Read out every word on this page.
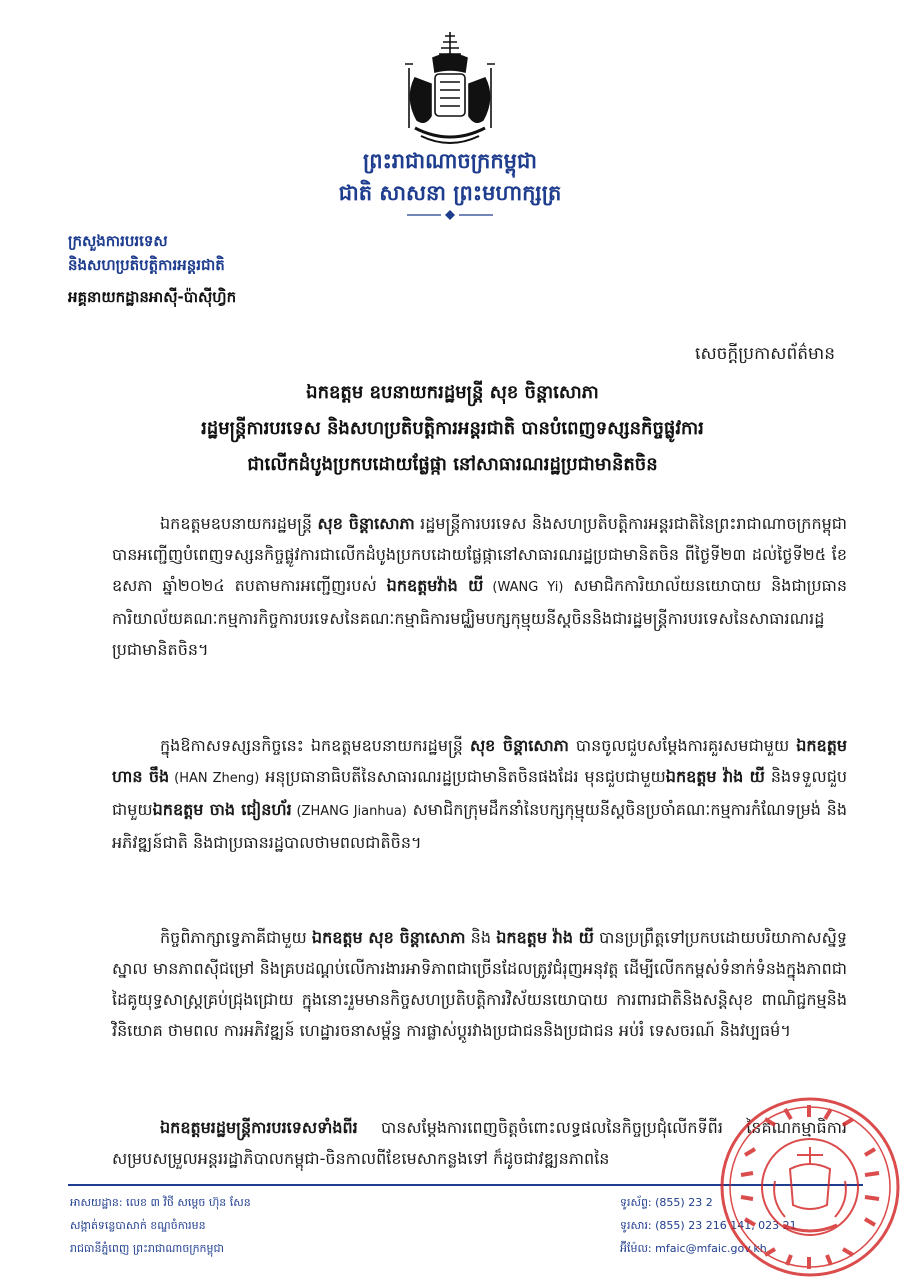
ព្រះរាជាណាចក្រកម្ពុជា
ជាតិ សាសនា ព្រះមហាក្សត្រ
ក្រសួងការបរទេស
និងសហប្រតិបត្តិការអន្តរជាតិ
អគ្គនាយកដ្ឋានអាស៊ី-ប៉ាស៊ីហ្វិក
សេចក្តីប្រកាសព័ត៌មាន
ឯកឧត្តម ឧបនាយករដ្ឋមន្ត្រី សុខ ចិន្តាសោភា
រដ្ឋមន្ត្រីការបរទេស និងសហប្រតិបត្តិការអន្តរជាតិ បានបំពេញទស្សនកិច្ចផ្លូវការ
ជាលើកដំបូងប្រកបដោយផ្លែផ្កា នៅសាធារណរដ្ឋប្រជាមានិតចិន

ឯកឧត្តមឧបនាយករដ្ឋមន្ត្រី សុខ ចិន្តាសោភា រដ្ឋមន្ត្រីការបរទេស និងសហប្រតិបត្តិការអន្តរជាតិនៃព្រះរាជាណាចក្រកម្ពុជាបានអញ្ជើញបំពេញទស្សនកិច្ចផ្លូវការជាលើកដំបូងប្រកបដោយផ្លែផ្កានៅសាធារណរដ្ឋប្រជាមានិតចិន ពីថ្ងៃទី២៣ ដល់ថ្ងៃទី២៥ ខែឧសភា ឆ្នាំ២០២៤ តបតាមការអញ្ជើញរបស់ ឯកឧត្តមវ៉ាង យី (WANG Yi) សមាជិកការិយាល័យនយោបាយ និងជាប្រធានការិយាល័យគណៈកម្មការកិច្ចការបរទេសនៃគណៈកម្មាធិការមជ្ឈិមបក្សកុម្មុយនីស្តចិននិងជារដ្ឋមន្ត្រីការបរទេសនៃសាធារណរដ្ឋប្រជាមានិតចិន។

ក្នុងឱកាសទស្សនកិច្ចនេះ ឯកឧត្តមឧបនាយករដ្ឋមន្ត្រី សុខ ចិន្តាសោភា បានចូលជួបសម្តែងការគួរសមជាមួយ ឯកឧត្តម ហាន ចឹង (HAN Zheng) អនុប្រធានាធិបតីនៃសាធារណរដ្ឋប្រជាមានិតចិនផងដែរ មុនជួបជាមួយឯកឧត្តម វ៉ាង យី និងទទួលជួបជាមួយឯកឧត្តម ចាង ជៀនហ័រ (ZHANG Jianhua) សមាជិកក្រុមដឹកនាំនៃបក្សកុម្មុយនីស្តចិនប្រចាំគណៈកម្មការកំណែទម្រង់ និងអភិវឌ្ឍន៍ជាតិ និងជាប្រធានរដ្ឋបាលថាមពលជាតិចិន។

កិច្ចពិភាក្សាទ្វេភាគីជាមួយ ឯកឧត្តម សុខ ចិន្តាសោភា និង ឯកឧត្តម វ៉ាង យី បានប្រព្រឹត្តទៅប្រកបដោយបរិយាកាសស្និទ្ធស្នាល មានភាពស៊ីជម្រៅ និងគ្របដណ្តប់លើការងារអាទិភាពជាច្រើនដែលត្រូវជំរុញអនុវត្ត ដើម្បីលើកកម្ពស់ទំនាក់ទំនងក្នុងភាពជាដៃគូយុទ្ធសាស្ត្រគ្រប់ជ្រុងជ្រោយ ក្នុងនោះរួមមានកិច្ចសហប្រតិបត្តិការវិស័យនយោបាយ ការពារជាតិនិងសន្តិសុខ ពាណិជ្ជកម្មនិងវិនិយោគ ថាមពល ការអភិវឌ្ឍន៍ ហេដ្ឋារចនាសម្ព័ន្ធ ការផ្លាស់ប្តូរវាងប្រជាជននិងប្រជាជន អប់រំ ទេសចរណ៍ និងវប្បធម៌។

ឯកឧត្តមរដ្ឋមន្ត្រីការបរទេសទាំងពីរ បានសម្តែងការពេញចិត្តចំពោះលទ្ធផលនៃកិច្ចប្រជុំលើកទីពីរ នៃគណកម្មាធិការសម្របសម្រួលអន្តររដ្ឋាភិបាលកម្ពុជា-ចិនកាលពីខែមេសាកន្លងទៅ ក៏ដូចជាវឌ្ឍនភាពនៃ

អាសយដ្ឋាន: លេខ ៣ វិថី សម្តេច ហ៊ុន សែន
សង្កាត់ទន្លេបាសាក់ ខណ្ឌចំការមន
រាជធានីភ្នំពេញ ព្រះរាជាណាចក្រកម្ពុជា
ទូរស័ព្ទ: (855) 23 2
ទូរសារ: (855) 23 216 141, 023 21
អ៊ីម៉ែល: mfaic@mfaic.gov.kh
